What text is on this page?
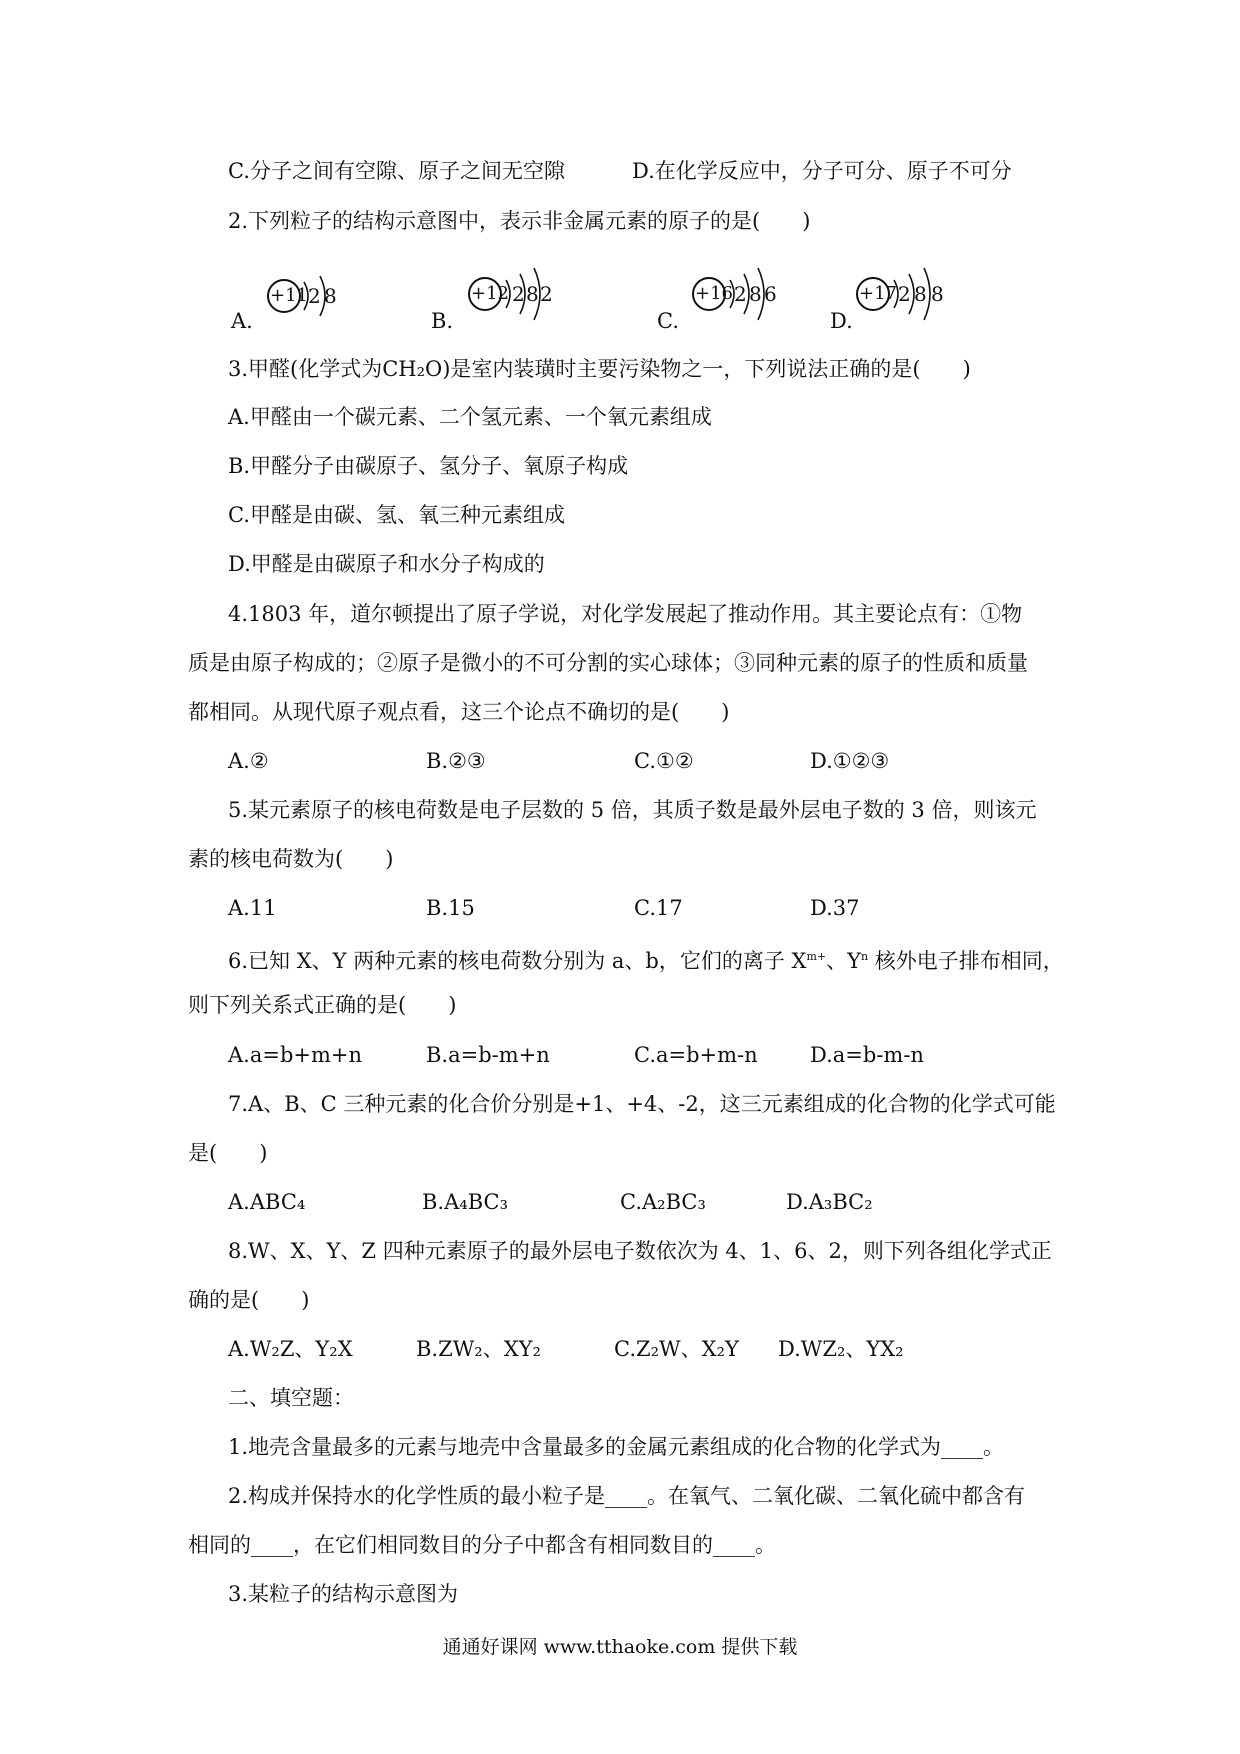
C.分子之间有空隙、原子之间无空隙	D.在化学反应中，分子可分、原子不可分
2.下列粒子的结构示意图中，表示非金属元素的原子的是(　　)
A.
+11 2 8
B.
+12 2 8 2
C.
+16 2 8 6
D.
+17 2 8 8
3.甲醛(化学式为CH₂O)是室内装璜时主要污染物之一，下列说法正确的是(　　)
A.甲醛由一个碳元素、二个氢元素、一个氧元素组成
B.甲醛分子由碳原子、氢分子、氧原子构成
C.甲醛是由碳、氢、氧三种元素组成
D.甲醛是由碳原子和水分子构成的
4.1803 年，道尔顿提出了原子学说，对化学发展起了推动作用。其主要论点有：①物
质是由原子构成的；②原子是微小的不可分割的实心球体；③同种元素的原子的性质和质量
都相同。从现代原子观点看，这三个论点不确切的是(　　)
A.②	B.②③	C.①②	D.①②③
5.某元素原子的核电荷数是电子层数的 5 倍，其质子数是最外层电子数的 3 倍，则该元
素的核电荷数为(　　)
A.11	B.15	C.17	D.37
6.已知 X、Y 两种元素的核电荷数分别为 a、b，它们的离子 $X^{m+}$、$Y^n$ 核外电子排布相同，
则下列关系式正确的是(　　)
A.a=b+m+n	B.a=b-m+n	C.a=b+m-n D.a=b-m-n
7.A、B、C 三种元素的化合价分别是+1、+4、-2，这三元素组成的化合物的化学式可能
是(　　)
A.ABC₄	B.A₄BC₃	C.A₂BC₃	D.A₃BC₂
8.W、X、Y、Z 四种元素原子的最外层电子数依次为 4、1、6、2，则下列各组化学式正
确的是(　　)
A.W₂Z、Y₂X	B.ZW₂、XY₂	C.Z₂W、X₂Y D.WZ₂、YX₂
二、填空题：
1.地壳含量最多的元素与地壳中含量最多的金属元素组成的化合物的化学式为____。
2.构成并保持水的化学性质的最小粒子是____。在氧气、二氧化碳、二氧化硫中都含有
相同的____，在它们相同数目的分子中都含有相同数目的____。
3.某粒子的结构示意图为
通通好课网 www.tthaoke.com 提供下载
